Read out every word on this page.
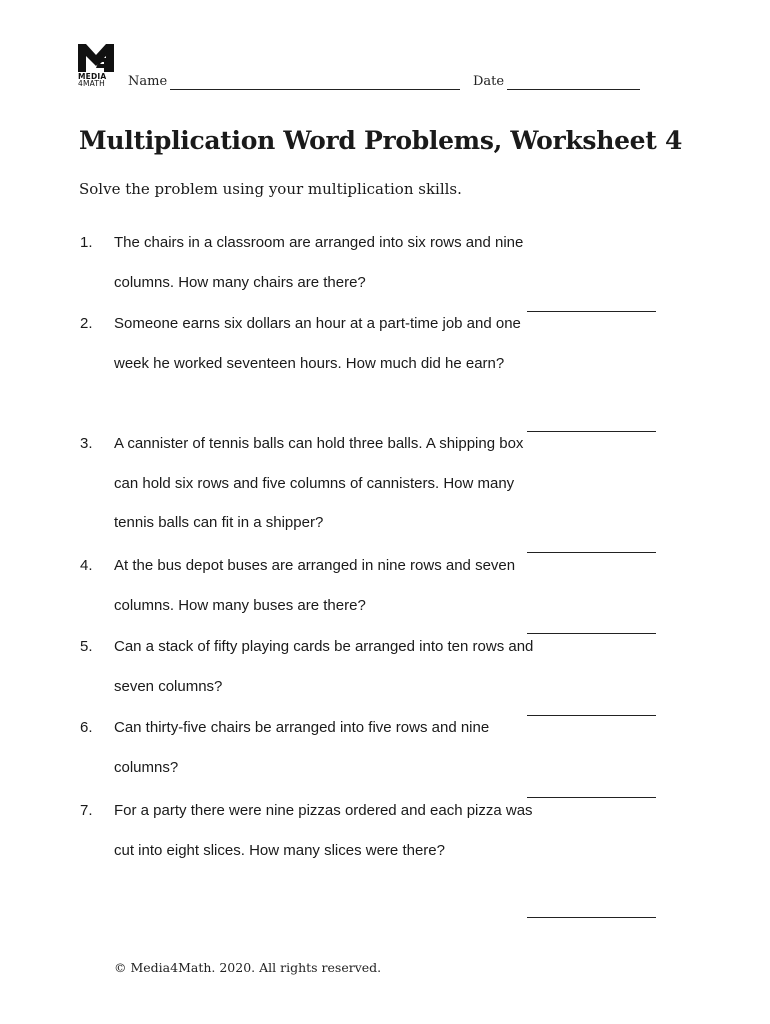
MEDIA
4MATH	Name	Date
Multiplication Word Problems, Worksheet 4

Solve the problem using your multiplication skills.

1. The chairs in a classroom are arranged into six rows and nine columns. How many chairs are there?
2. Someone earns six dollars an hour at a part-time job and one week he worked seventeen hours. How much did he earn?
3. A cannister of tennis balls can hold three balls. A shipping box can hold six rows and five columns of cannisters. How many tennis balls can fit in a shipper?
4. At the bus depot buses are arranged in nine rows and seven columns. How many buses are there?
5. Can a stack of fifty playing cards be arranged into ten rows and seven columns?
6. Can thirty-five chairs be arranged into five rows and nine columns?
7. For a party there were nine pizzas ordered and each pizza was cut into eight slices. How many slices were there?
© Media4Math. 2020. All rights reserved.
